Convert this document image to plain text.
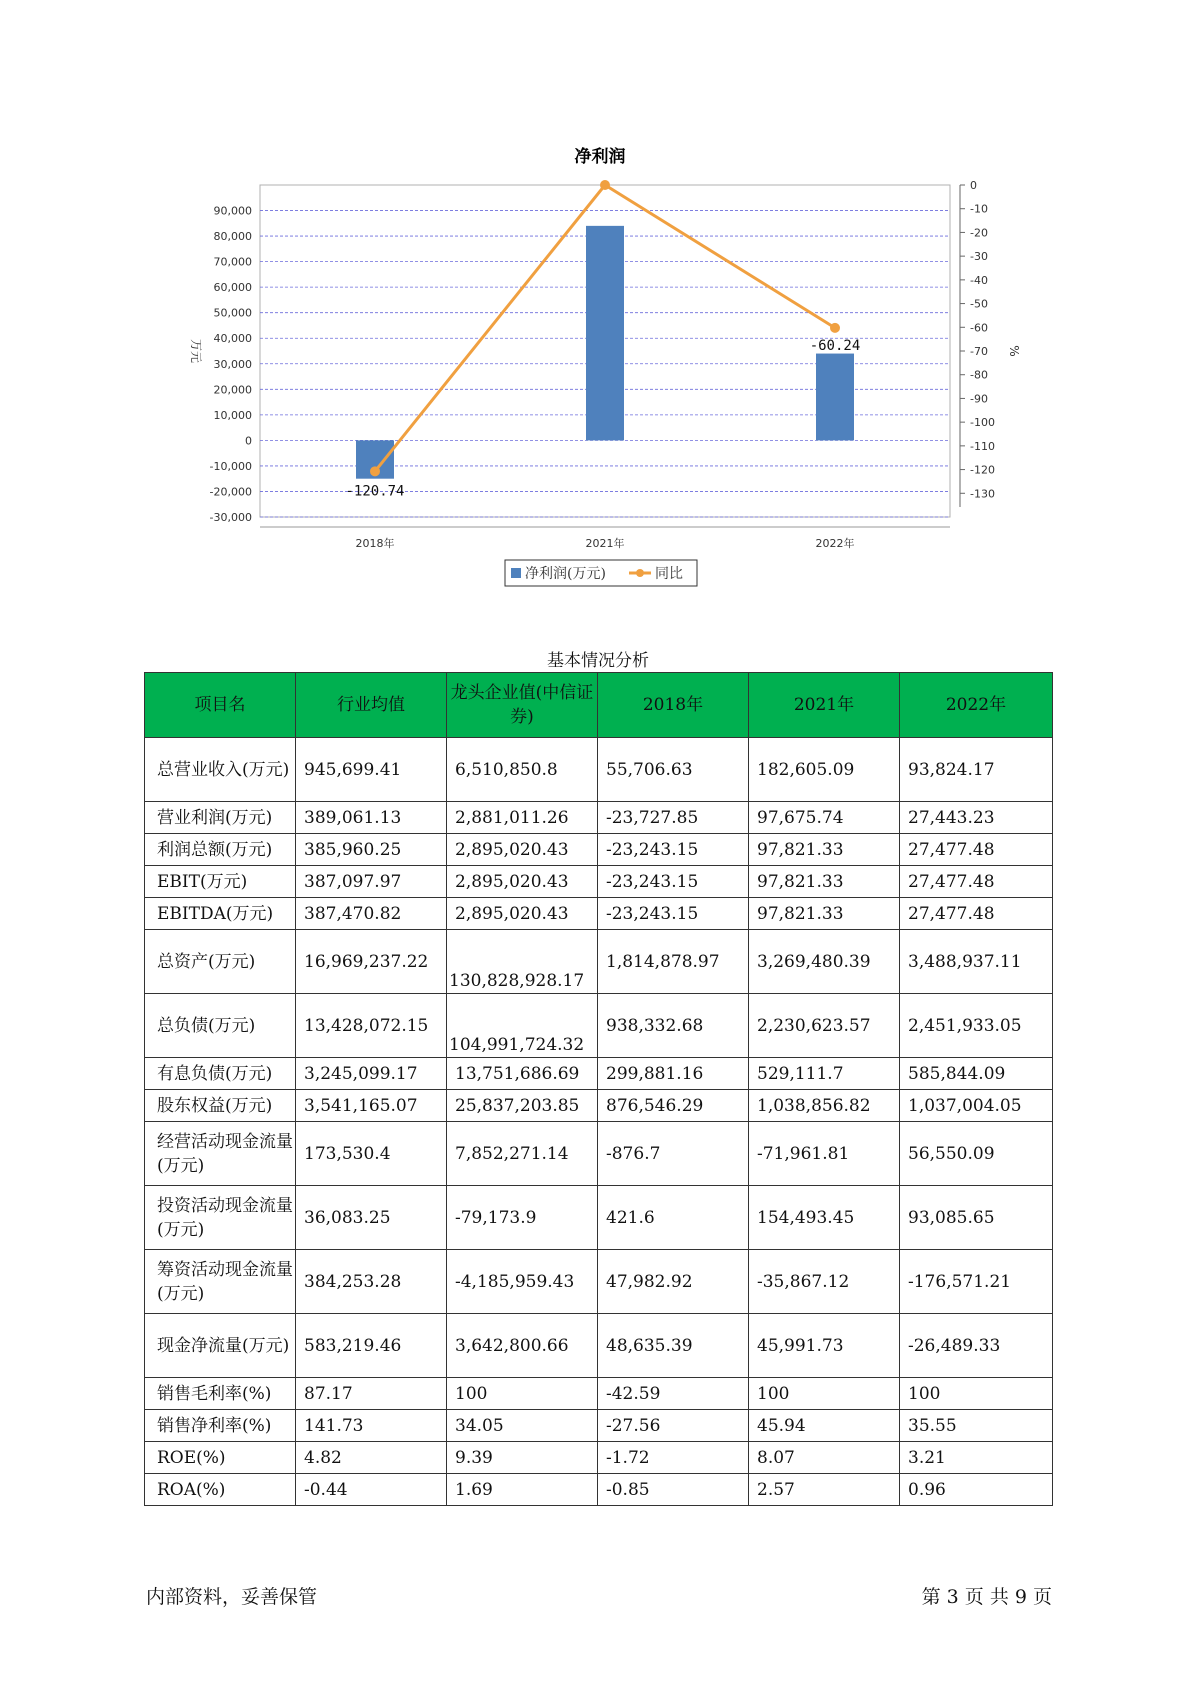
净利润
90,000
80,000
70,000
60,000
50,000
40,000
30,000
20,000
10,000
0
-10,000
-20,000
-30,000
0
-10
-20
-30
-40
-50
-60
-70
-80
-90
-100
-110
-120
-130
万元	%
2018年	2021年	2022年
-120.74
-60.24
净利润(万元)	同比
基本情况分析
项目名	行业均值	龙头企业值(中信证券)	2018年	2021年	2022年
总营业收入(万元)	945,699.41	6,510,850.8	55,706.63	182,605.09	93,824.17
营业利润(万元)	389,061.13	2,881,011.26	-23,727.85	97,675.74	27,443.23
利润总额(万元)	385,960.25	2,895,020.43	-23,243.15	97,821.33	27,477.48
EBIT(万元)	387,097.97	2,895,020.43	-23,243.15	97,821.33	27,477.48
EBITDA(万元)	387,470.82	2,895,020.43	-23,243.15	97,821.33	27,477.48
总资产(万元)	16,969,237.22	130,828,928.17	1,814,878.97	3,269,480.39	3,488,937.11
总负债(万元)	13,428,072.15	104,991,724.32	938,332.68	2,230,623.57	2,451,933.05
有息负债(万元)	3,245,099.17	13,751,686.69	299,881.16	529,111.7	585,844.09
股东权益(万元)	3,541,165.07	25,837,203.85	876,546.29	1,038,856.82	1,037,004.05
经营活动现金流量(万元)	173,530.4	7,852,271.14	-876.7	-71,961.81	56,550.09
投资活动现金流量(万元)	36,083.25	-79,173.9	421.6	154,493.45	93,085.65
筹资活动现金流量(万元)	384,253.28	-4,185,959.43	47,982.92	-35,867.12	-176,571.21
现金净流量(万元)	583,219.46	3,642,800.66	48,635.39	45,991.73	-26,489.33
销售毛利率(%)	87.17	100	-42.59	100	100
销售净利率(%)	141.73	34.05	-27.56	45.94	35.55
ROE(%)	4.82	9.39	-1.72	8.07	3.21
ROA(%)	-0.44	1.69	-0.85	2.57	0.96
内部资料，妥善保管	第 3 页 共 9 页
